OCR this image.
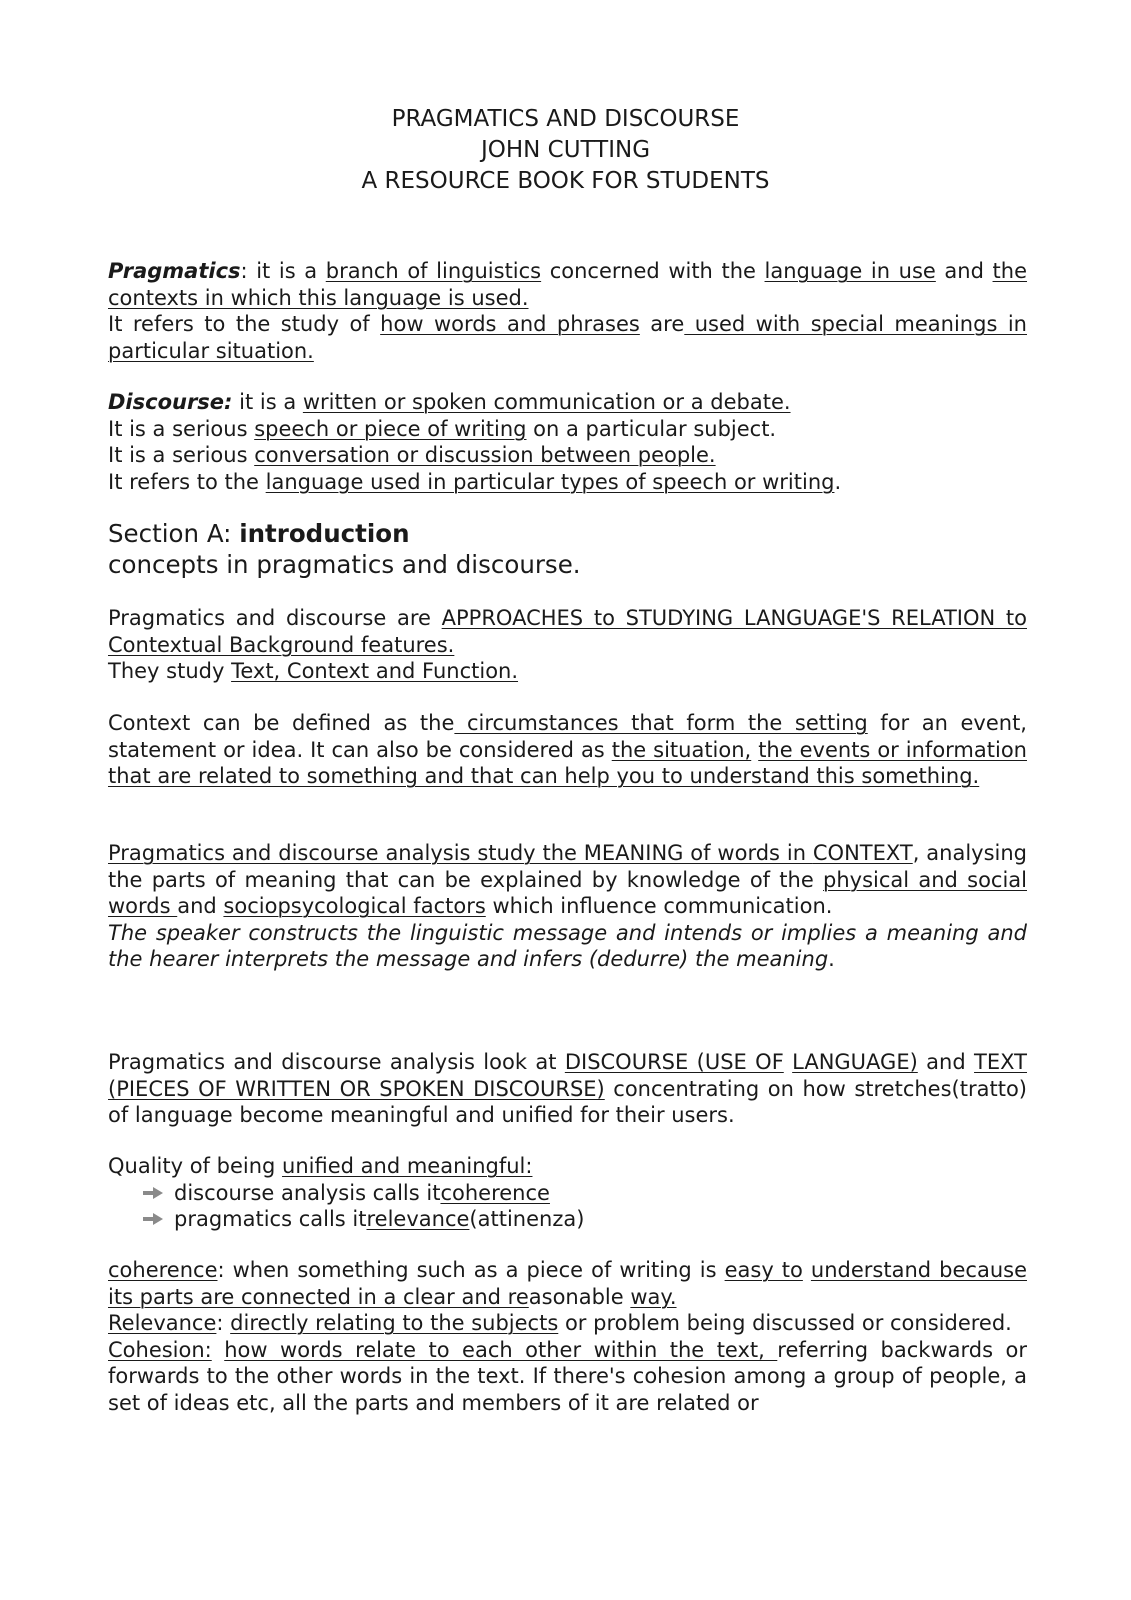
PRAGMATICS AND DISCOURSE
JOHN CUTTING
A RESOURCE BOOK FOR STUDENTS

Pragmatics: it is a branch of linguistics concerned with the language in use and the contexts in which this language is used.

It refers to the study of how words and phrases are used with special meanings in particular situation.

Discourse: it is a written or spoken communication or a debate.

It is a serious speech or piece of writing on a particular subject.

It is a serious conversation or discussion between people.

It refers to the language used in particular types of speech or writing.

Section A: introduction
concepts in pragmatics and discourse.

Pragmatics and discourse are APPROACHES to STUDYING LANGUAGE'S RELATION to Contextual Background features.

They study Text, Context and Function.

Context can be defined as the circumstances that form the setting for an event, statement or idea. It can also be considered as the situation, the events or information that are related to something and that can help you to understand this something.

Pragmatics and discourse analysis study the MEANING of words in CONTEXT, analysing the parts of meaning that can be explained by knowledge of the physical and social words and sociopsycological factors which influence communication.

The speaker constructs the linguistic message and intends or implies a meaning and the hearer interprets the message and infers (dedurre) the meaning.

Pragmatics and discourse analysis look at DISCOURSE (USE OF LANGUAGE) and TEXT (PIECES OF WRITTEN OR SPOKEN DISCOURSE) concentrating on how stretches(tratto) of language become meaningful and unified for their users.

Quality of being unified and meaningful:

discourse analysis calls it coherence
pragmatics calls it relevance (attinenza)

coherence: when something such as a piece of writing is easy to understand because its parts are connected in a clear and reasonable way.

Relevance: directly relating to the subjects or problem being discussed or considered.

Cohesion: how words relate to each other within the text, referring backwards or forwards to the other words in the text. If there's cohesion among a group of people, a set of ideas etc, all the parts and members of it are related or
